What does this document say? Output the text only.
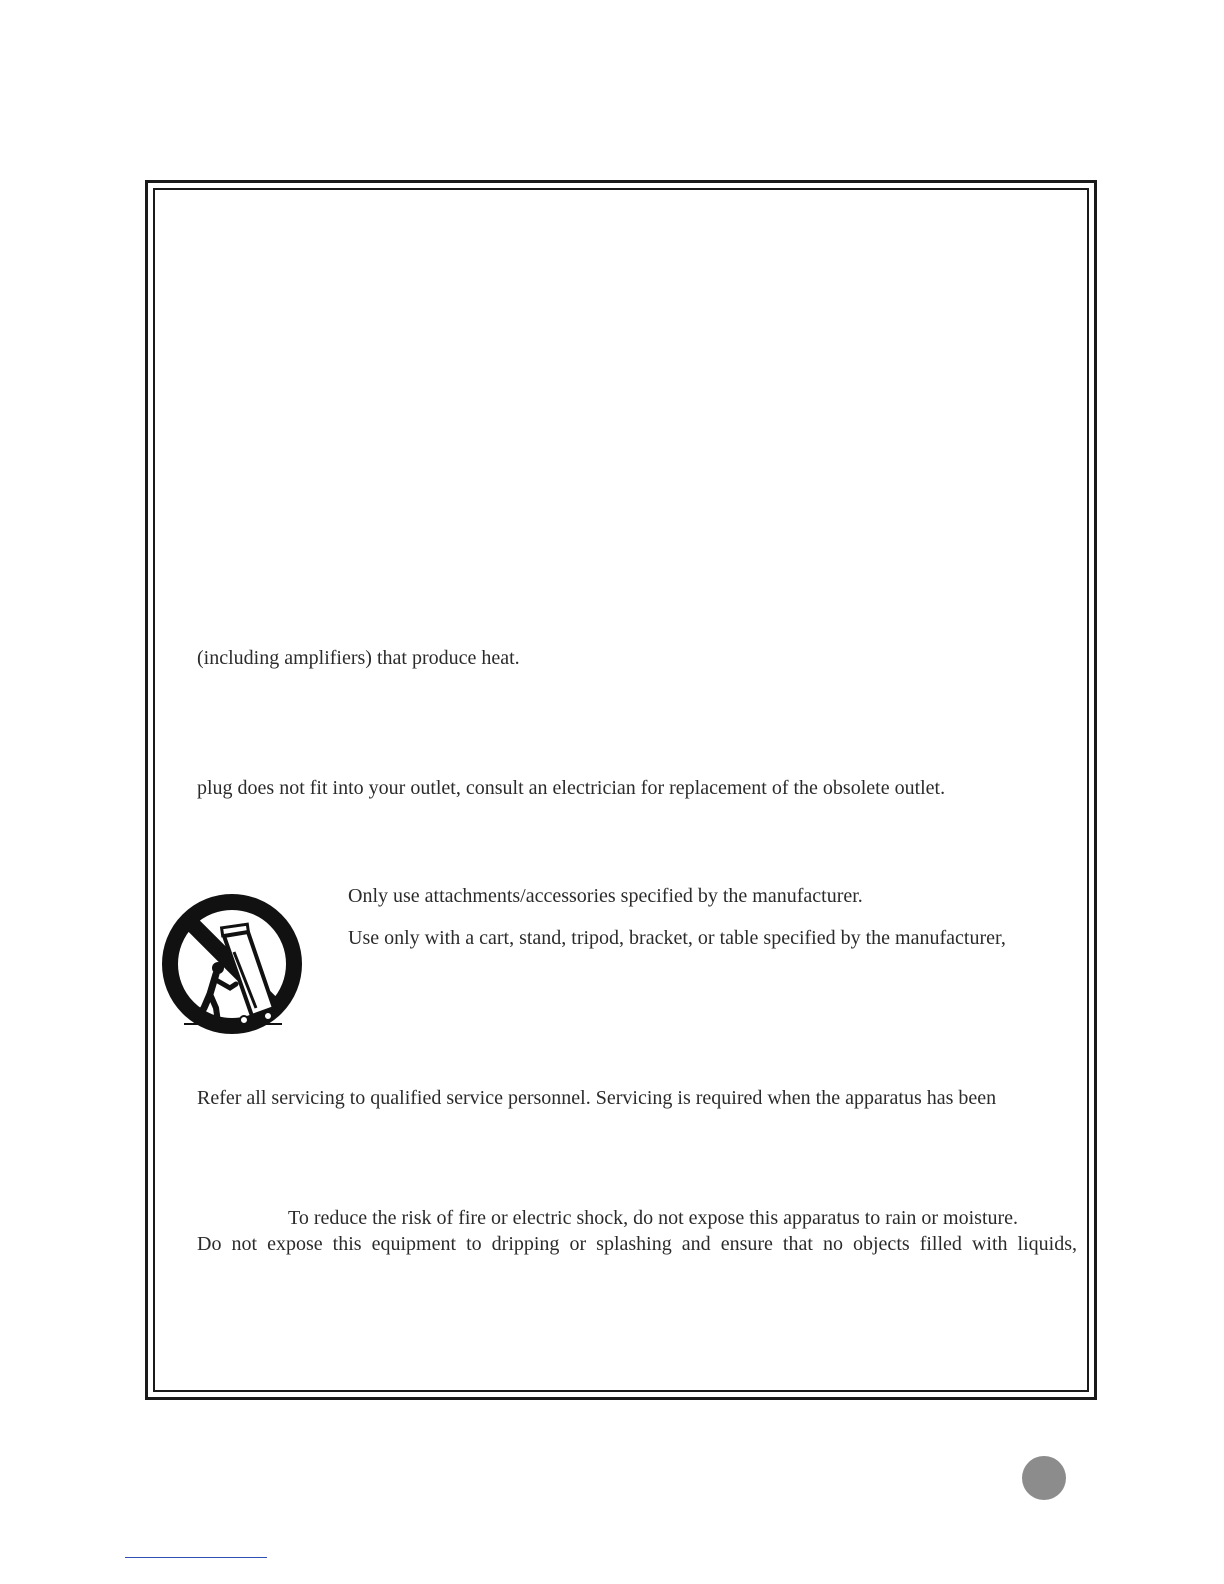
(including amplifiers) that produce heat.

plug does not fit into your outlet, consult an electrician for replacement of the obsolete outlet.

Only use attachments/accessories specified by the manufacturer.

Use only with a cart, stand, tripod, bracket, or table specified by the manufacturer,

Refer all servicing to qualified service personnel. Servicing is required when the apparatus has been

To reduce the risk of fire or electric shock, do not expose this apparatus to rain or moisture.

Do not expose this equipment to dripping or splashing and ensure that no objects filled with liquids,
